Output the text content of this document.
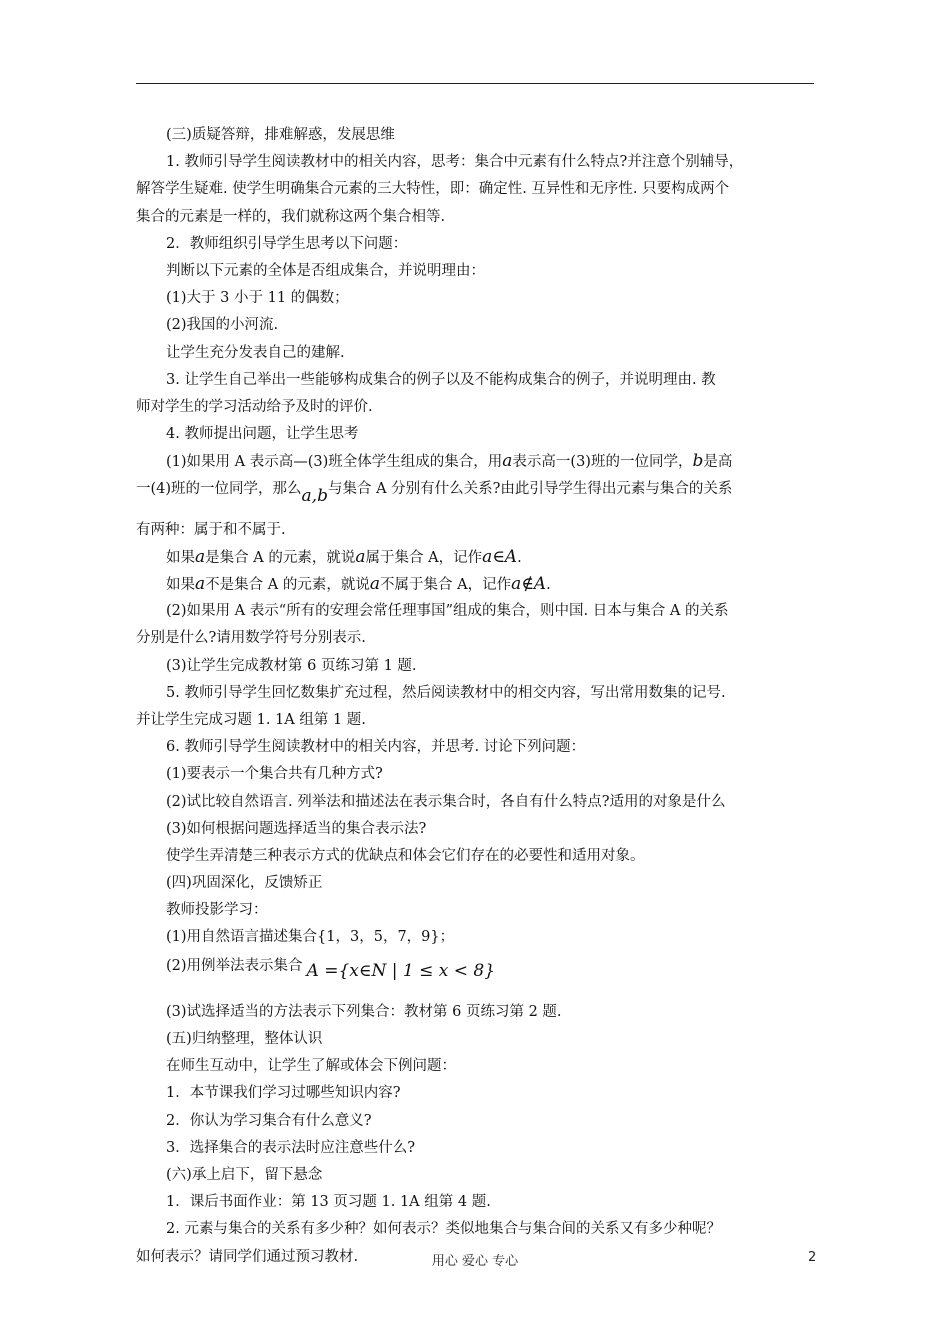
(三)质疑答辩，排难解惑，发展思维
1. 教师引导学生阅读教材中的相关内容，思考：集合中元素有什么特点?并注意个别辅导，
解答学生疑难. 使学生明确集合元素的三大特性，即：确定性. 互异性和无序性. 只要构成两个
集合的元素是一样的，我们就称这两个集合相等.
2．教师组织引导学生思考以下问题：
判断以下元素的全体是否组成集合，并说明理由：
(1)大于 3 小于 11 的偶数；
(2)我国的小河流.
让学生充分发表自己的建解.
3. 让学生自己举出一些能够构成集合的例子以及不能构成集合的例子，并说明理由. 教
师对学生的学习活动给予及时的评价.
4. 教师提出问题，让学生思考
(1)如果用 A 表示高—(3)班全体学生组成的集合，用a表示高一(3)班的一位同学，b是高
一(4)班的一位同学，那么a,b与集合 A 分别有什么关系?由此引导学生得出元素与集合的关系
有两种：属于和不属于.
如果a是集合 A 的元素，就说a属于集合 A，记作a∈A.
如果a不是集合 A 的元素，就说a不属于集合 A，记作a∉A.
(2)如果用 A 表示“所有的安理会常任理事国”组成的集合，则中国. 日本与集合 A 的关系
分别是什么?请用数学符号分别表示.
(3)让学生完成教材第 6 页练习第 1 题.
5. 教师引导学生回忆数集扩充过程，然后阅读教材中的相交内容，写出常用数集的记号.
并让学生完成习题 1. 1A 组第 1 题.
6. 教师引导学生阅读教材中的相关内容，并思考. 讨论下列问题：
(1)要表示一个集合共有几种方式?
(2)试比较自然语言. 列举法和描述法在表示集合时，各自有什么特点?适用的对象是什么
(3)如何根据问题选择适当的集合表示法?
使学生弄清楚三种表示方式的优缺点和体会它们存在的必要性和适用对象。
(四)巩固深化，反馈矫正
教师投影学习：
(1)用自然语言描述集合{1，3，5，7，9}；
(2)用例举法表示集合 A ={x∈N | 1 ≤ x < 8}
(3)试选择适当的方法表示下列集合：教材第 6 页练习第 2 题.
(五)归纳整理，整体认识
在师生互动中，让学生了解或体会下例问题：
1．本节课我们学习过哪些知识内容?
2．你认为学习集合有什么意义?
3．选择集合的表示法时应注意些什么?
(六)承上启下，留下悬念
1．课后书面作业：第 13 页习题 1. 1A 组第 4 题.
2. 元素与集合的关系有多少种？如何表示？类似地集合与集合间的关系又有多少种呢？
如何表示？请同学们通过预习教材.	用心 爱心 专心	2
